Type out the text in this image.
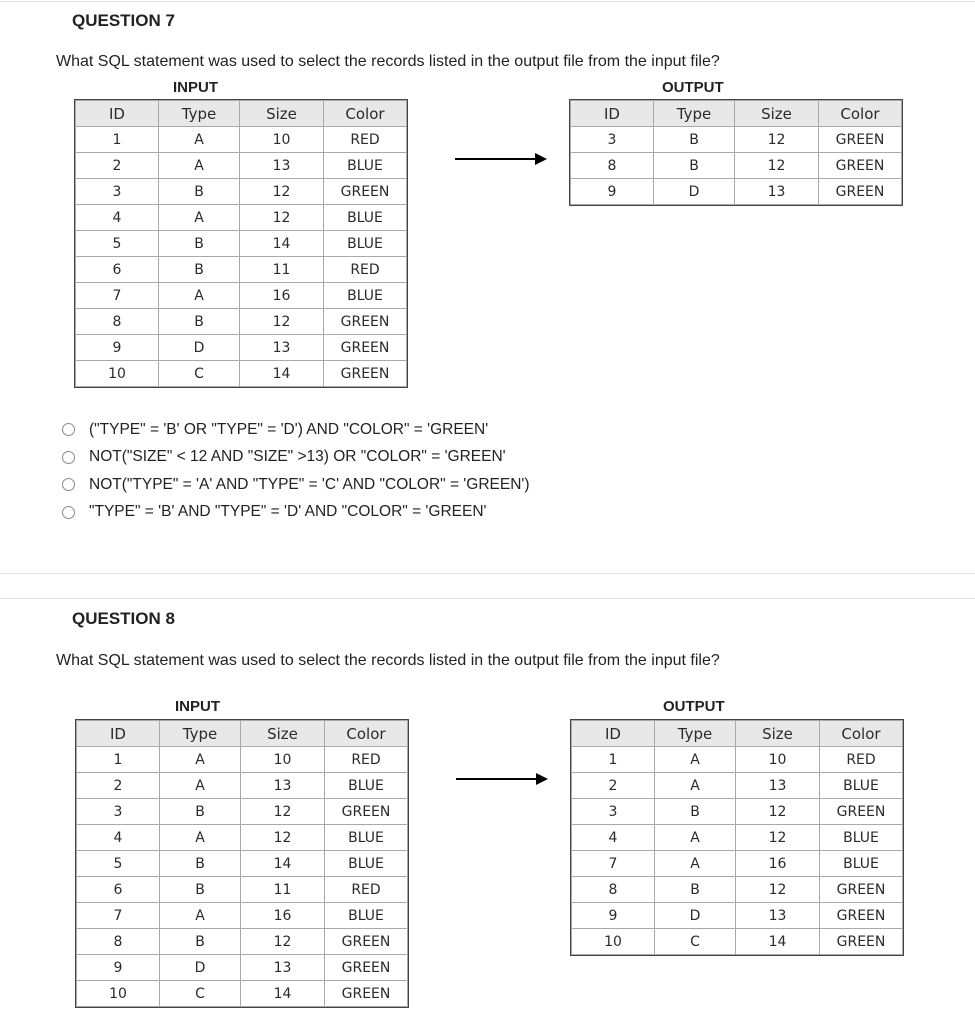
QUESTION 7
What SQL statement was used to select the records listed in the output file from the input file?
INPUT	OUTPUT
ID	Type	Size	Color
1	A	10	RED
2	A	13	BLUE
3	B	12	GREEN
4	A	12	BLUE
5	B	14	BLUE
6	B	11	RED
7	A	16	BLUE
8	B	12	GREEN
9	D	13	GREEN
10	C	14	GREEN
ID	Type	Size	Color
3	B	12	GREEN
8	B	12	GREEN
9	D	13	GREEN
("TYPE" = 'B' OR "TYPE" = 'D') AND "COLOR" = 'GREEN'
NOT("SIZE" < 12 AND "SIZE" >13) OR "COLOR" = 'GREEN'
NOT("TYPE" = 'A' AND "TYPE" = 'C' AND "COLOR" = 'GREEN')
"TYPE" = 'B' AND "TYPE" = 'D' AND "COLOR" = 'GREEN'
QUESTION 8
What SQL statement was used to select the records listed in the output file from the input file?
INPUT	OUTPUT
ID	Type	Size	Color
1	A	10	RED
2	A	13	BLUE
3	B	12	GREEN
4	A	12	BLUE
5	B	14	BLUE
6	B	11	RED
7	A	16	BLUE
8	B	12	GREEN
9	D	13	GREEN
10	C	14	GREEN
ID	Type	Size	Color
1	A	10	RED
2	A	13	BLUE
3	B	12	GREEN
4	A	12	BLUE
7	A	16	BLUE
8	B	12	GREEN
9	D	13	GREEN
10	C	14	GREEN
